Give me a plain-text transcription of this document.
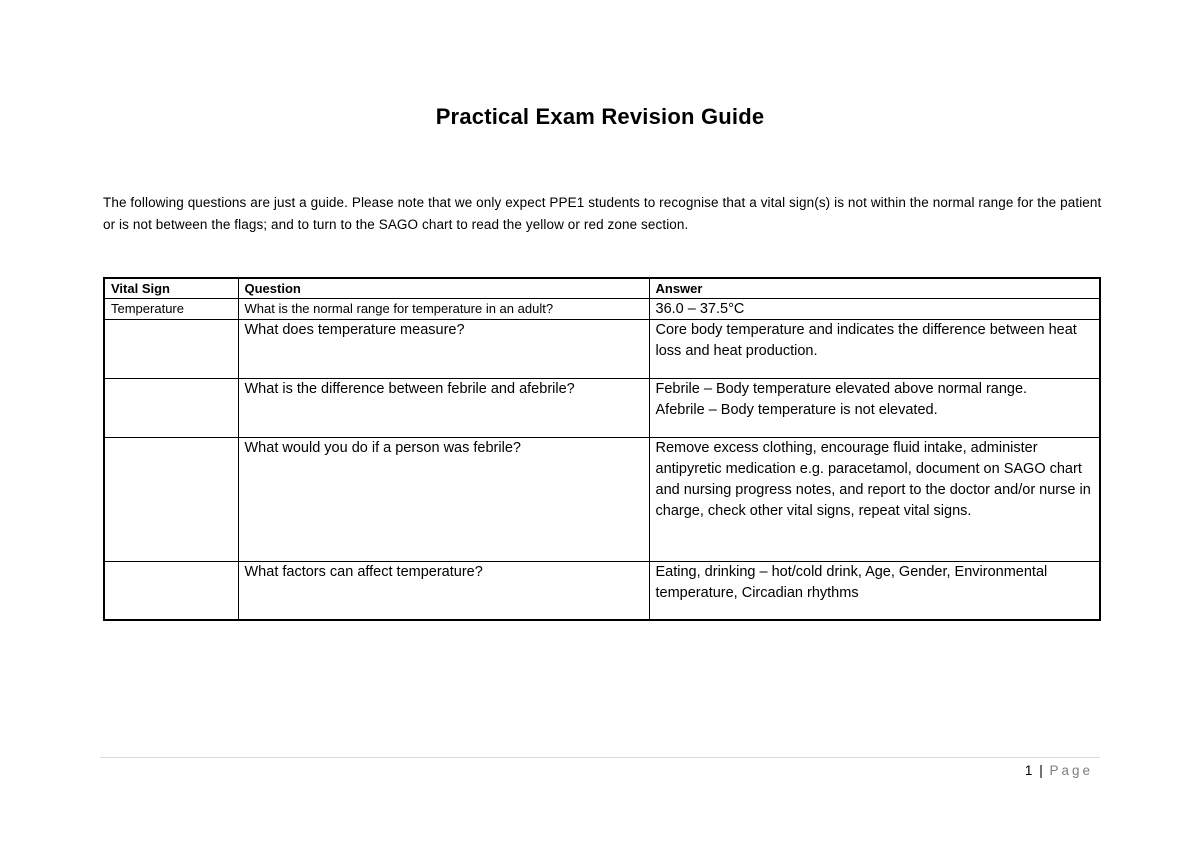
Practical Exam Revision Guide
The following questions are just a guide. Please note that we only expect PPE1 students to recognise that a vital sign(s) is not within the normal range for the patient or is not between the flags; and to turn to the SAGO chart to read the yellow or red zone section.
Vital Sign	Question	Answer
Temperature	What is the normal range for temperature in an adult?	36.0 – 37.5°C
	What does temperature measure?	Core body temperature and indicates the difference between heat loss and heat production.
	What is the difference between febrile and afebrile?	Febrile – Body temperature elevated above normal range.
Afebrile – Body temperature is not elevated.

	What would you do if a person was febrile?	Remove excess clothing, encourage fluid intake, administer antipyretic medication e.g. paracetamol, document on SAGO chart and nursing progress notes, and report to the doctor and/or nurse in charge, check other vital signs, repeat vital signs.
	What factors can affect temperature?	Eating, drinking – hot/cold drink, Age, Gender, Environmental temperature, Circadian rhythms
1 | Page
